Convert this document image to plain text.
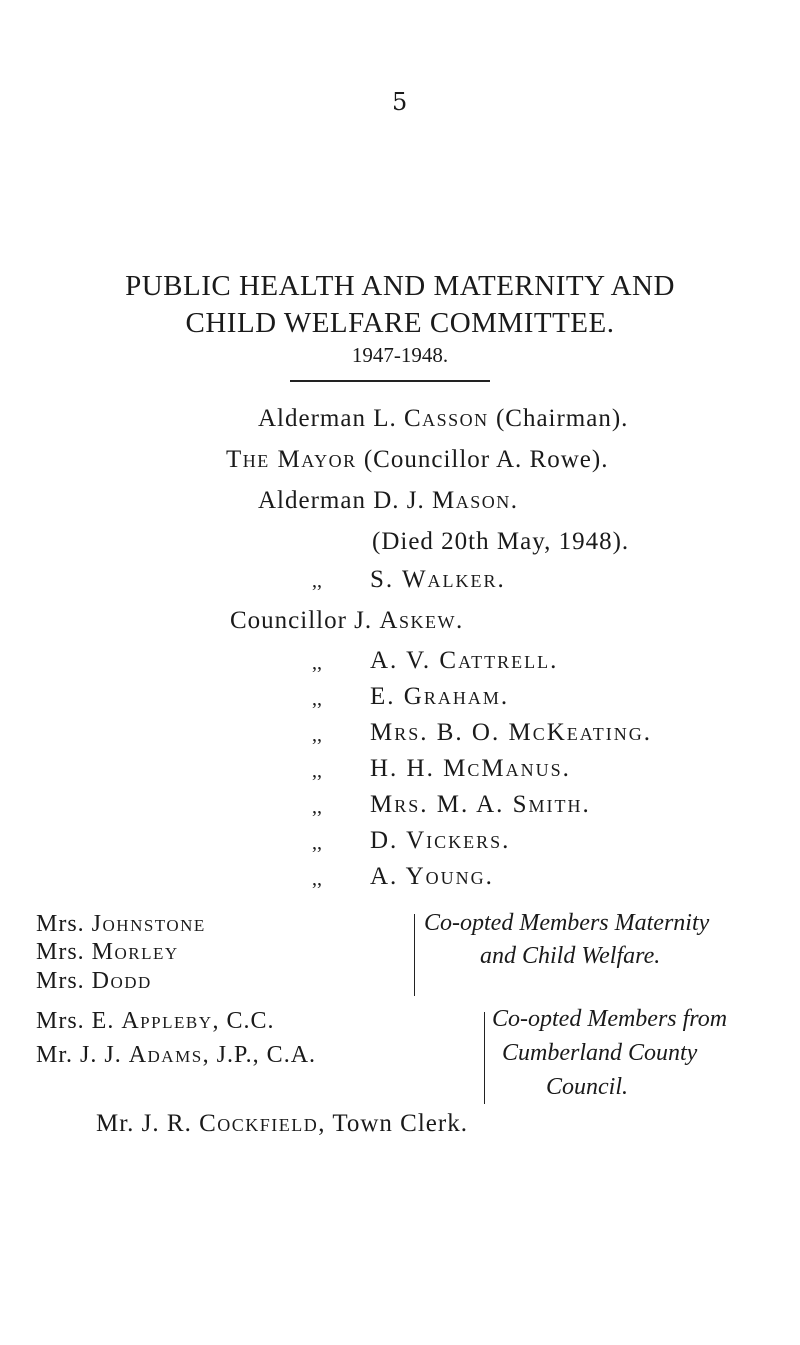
5
PUBLIC HEALTH AND MATERNITY AND
CHILD WELFARE COMMITTEE.
1947-1948.
Alderman L. Casson (Chairman).
The Mayor (Councillor A. Rowe).
Alderman D. J. Mason.
(Died 20th May, 1948).
,, S. Walker.
Councillor J. Askew.
,, A. V. Cattrell.
,, E. Graham.
,, Mrs. B. O. McKeating.
,, H. H. McManus.
,, Mrs. M. A. Smith.
,, D. Vickers.
,, A. Young.
Mrs. Johnstone
Mrs. Morley
Mrs. Dodd
Co-opted Members Maternity
and Child Welfare.
Mrs. E. Appleby, C.C.
Mr. J. J. Adams, J.P., C.A.
Co-opted Members from
Cumberland County
Council.
Mr. J. R. Cockfield, Town Clerk.
